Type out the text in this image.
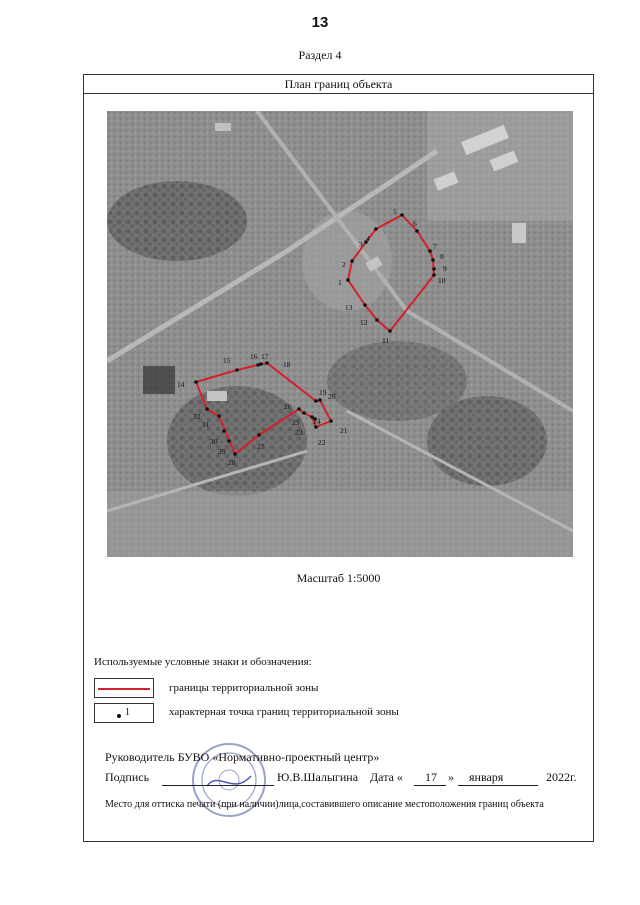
13
Раздел 4
План границ объекта
1
2
3
4
5
6
7
8
9
10
11
12
13
14
15	16 17
18
19 20
21
22
23
24
25
26
27
28
29
30
31
32
Масштаб 1:5000
Используемые условные знаки и обозначения:
границы территориальной зоны
1	характерная точка границ территориальной зоны
Руководитель БУВО «Нормативно-проектный центр»
Подпись	Ю.В.Шалыгина Дата « 17 » января	2022г.
Место для оттиска печати (при наличии)лица,составившего описание местоположения границ объекта
